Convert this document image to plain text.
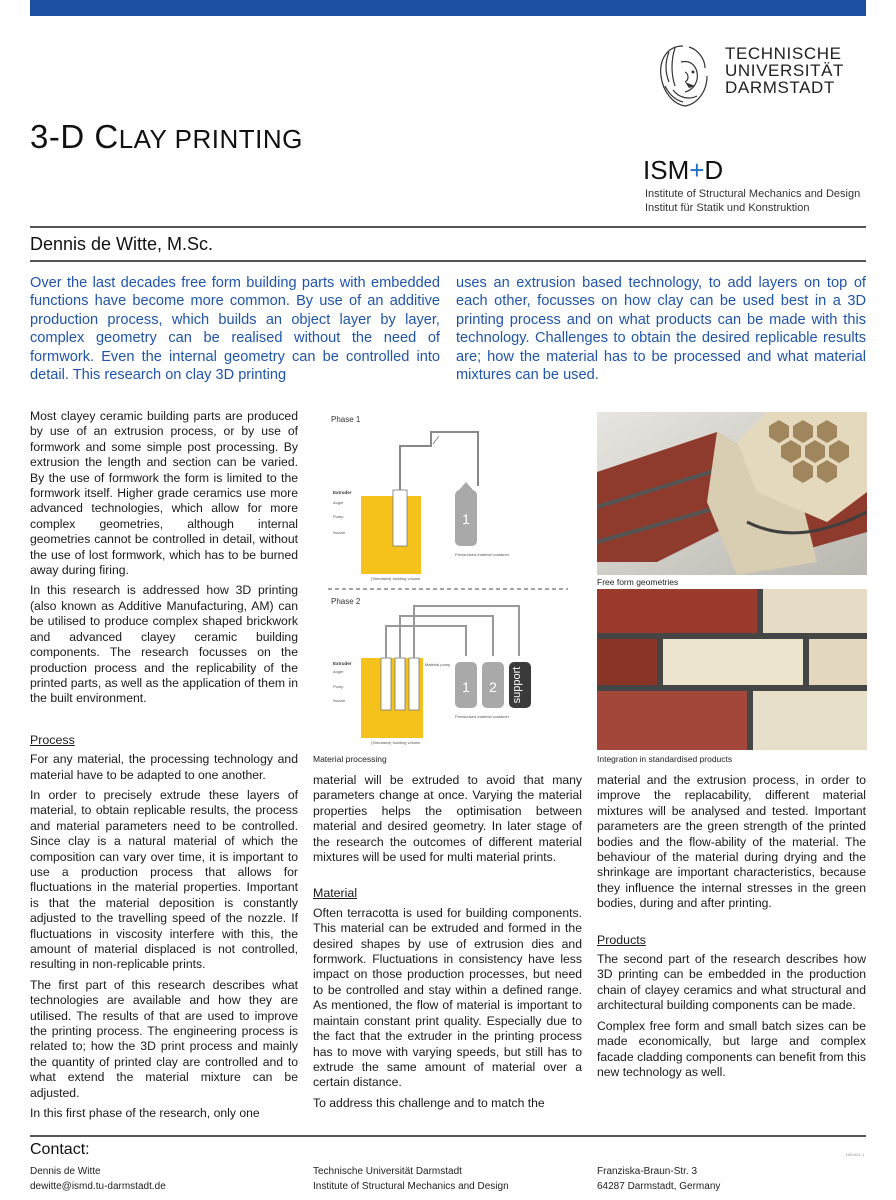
3-D CLAY PRINTING
TECHNISCHE
UNIVERSITÄT
DARMSTADT
ISM+D
Institute of Structural Mechanics and Design
Institut für Statik und Konstruktion
Dennis de Witte, M.Sc.
Over the last decades free form building parts with embedded functions have become more common. By use of an additive production process, which builds an object layer by layer, complex geometry can be realised without the need of formwork. Even the internal geometry can be controlled into detail. This research on clay 3D printing
uses an extrusion based technology, to add layers on top of each other, focusses on how clay can be used best in a 3D printing process and on what products can be made with this technology. Challenges to obtain the desired replicable results are; how the material has to be processed and what material mixtures can be used.

Most clayey ceramic building parts are produced by use of an extrusion process, or by use of formwork and some simple post processing. By extrusion the length and section can be varied. By the use of formwork the form is limited to the formwork itself. Higher grade ceramics use more advanced technologies, which allow for more complex geometries, although internal geometries cannot be controlled in detail, without the use of lost formwork, which has to be burned away during firing.

In this research is addressed how 3D printing (also known as Additive Manufacturing, AM) can be utilised to produce complex shaped brickwork and advanced clayey ceramic building components. The research focusses on the production process and the replicability of the printed parts, as well as the application of them in the built environment.

Process

For any material, the processing technology and material have to be adapted to one another.

In order to precisely extrude these layers of material, to obtain replicable results, the process and material parameters need to be controlled. Since clay is a natural material of which the composition can vary over time, it is important to use a production process that allows for fluctuations in the material properties. Important is that the material deposition is constantly adjusted to the travelling speed of the nozzle. If fluctuations in viscosity interfere with this, the amount of material displaced is not controlled, resulting in non-replicable prints.

The first part of this research describes what technologies are available and how they are utilised. The results of that are used to improve the printing process. The engineering process is related to; how the 3D print process and mainly the quantity of printed clay are controlled and to what extend the material mixture can be adjusted.

In this first phase of the research, only one

Phase 1
1
Extruder
Auger
Pump
Nozzle
Pressurised material container
(Simulated) building volume
Phase 2
1 2 support
Extruder
Auger
Pump
Nozzle
Material pump
Pressurised material container
(Simulated) building volume
Material processing
Free form geometries
Integration in standardised products

material will be extruded to avoid that many parameters change at once. Varying the material properties helps the optimisation between material and desired geometry. In later stage of the research the outcomes of different material mixtures will be used for multi material prints.

Material

Often terracotta is used for building components. This material can be extruded and formed in the desired shapes by use of extrusion dies and formwork. Fluctuations in consistency have less impact on those production processes, but need to be controlled and stay within a defined range. As mentioned, the flow of material is important to maintain constant print quality. Especially due to the fact that the extruder in the printing process has to move with varying speeds, but still has to extrude the same amount of material over a certain distance.

To address this challenge and to match the

material and the extrusion process, in order to improve the replacability, different material mixtures will be analysed and tested. Important parameters are the green strength of the printed bodies and the flow-ability of the material. The behaviour of the material during drying and the shrinkage are important characteristics, because they influence the internal stresses in the green bodies, during and after printing.

Products

The second part of the research describes how 3D printing can be embedded in the production chain of clayey ceramics and what structural and architectural building components can be made.

Complex free form and small batch sizes can be made economically, but large and complex facade cladding components can benefit from this new technology as well.

Contact:
Dennis de Witte
dewitte@ismd.tu-darmstadt.de
Technische Universität Darmstadt
Institute of Structural Mechanics and Design
Franziska-Braun-Str. 3
64287 Darmstadt, Germany
L80-001-1
